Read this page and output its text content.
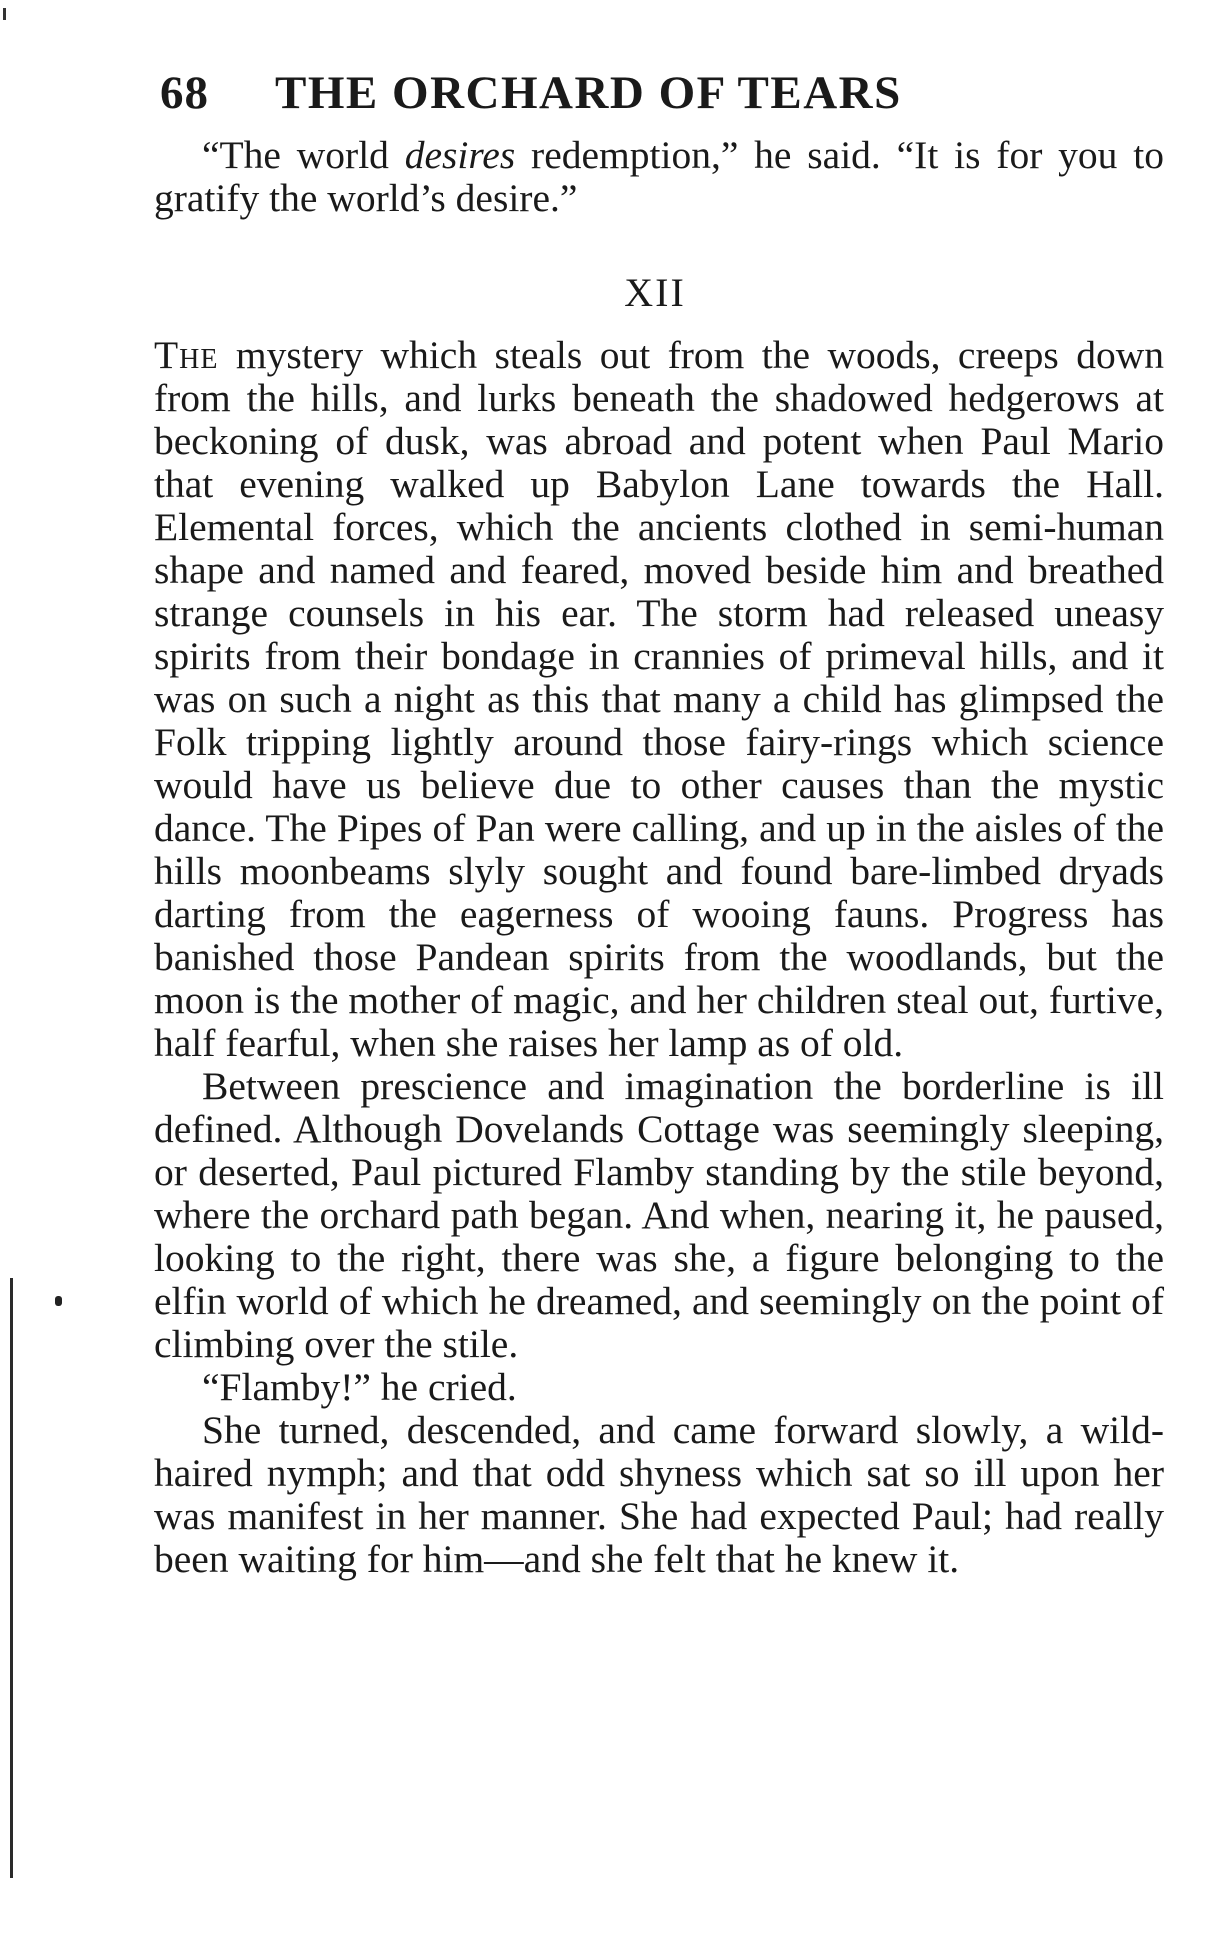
68 THE ORCHARD OF TEARS

“The world desires redemption,” he said. “It is for you to gratify the world’s desire.”

XII

The mystery which steals out from the woods, creeps down from the hills, and lurks beneath the shadowed hedgerows at beckoning of dusk, was abroad and potent when Paul Mario that evening walked up Babylon Lane towards the Hall. Elemental forces, which the ancients clothed in semi-human shape and named and feared, moved beside him and breathed strange counsels in his ear. The storm had released uneasy spirits from their bondage in crannies of primeval hills, and it was on such a night as this that many a child has glimpsed the Folk tripping lightly around those fairy-rings which science would have us believe due to other causes than the mystic dance. The Pipes of Pan were calling, and up in the aisles of the hills moonbeams slyly sought and found bare-limbed dryads darting from the eagerness of wooing fauns. Progress has banished those Pandean spirits from the woodlands, but the moon is the mother of magic, and her children steal out, furtive, half fearful, when she raises her lamp as of old.

Between prescience and imagination the borderline is ill defined. Although Dovelands Cottage was seemingly sleeping, or deserted, Paul pictured Flamby standing by the stile beyond, where the orchard path began. And when, nearing it, he paused, looking to the right, there was she, a figure belonging to the elfin world of which he dreamed, and seemingly on the point of climbing over the stile.

“Flamby!” he cried.

She turned, descended, and came forward slowly, a wild-haired nymph; and that odd shyness which sat so ill upon her was manifest in her manner. She had expected Paul; had really been waiting for him—and she felt that he knew it.
